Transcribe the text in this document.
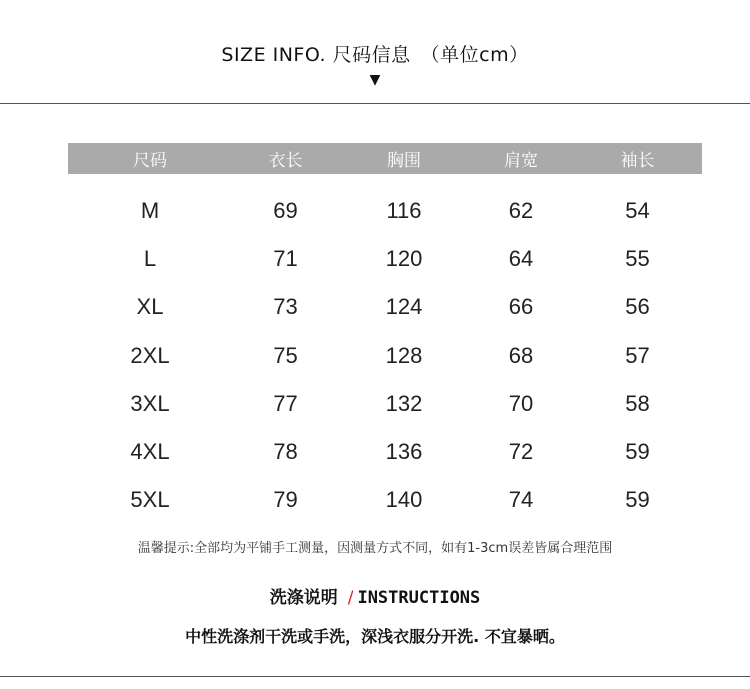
SIZE INFO. 尺码信息 （单位cm）
▼
尺码	衣长	胸围	肩宽	袖长
M	69	116	62	54
L	71	120	64	55
XL	73	124	66	56
2XL	75	128	68	57
3XL	77	132	70	58
4XL	78	136	72	59
5XL	79	140	74	59
温馨提示:全部均为平铺手工测量，因测量方式不同，如有1-3cm误差皆属合理范围
洗涤说明 / INSTRUCTIONS
中性洗涤剂干洗或手洗，深浅衣服分开洗. 不宜暴晒。
